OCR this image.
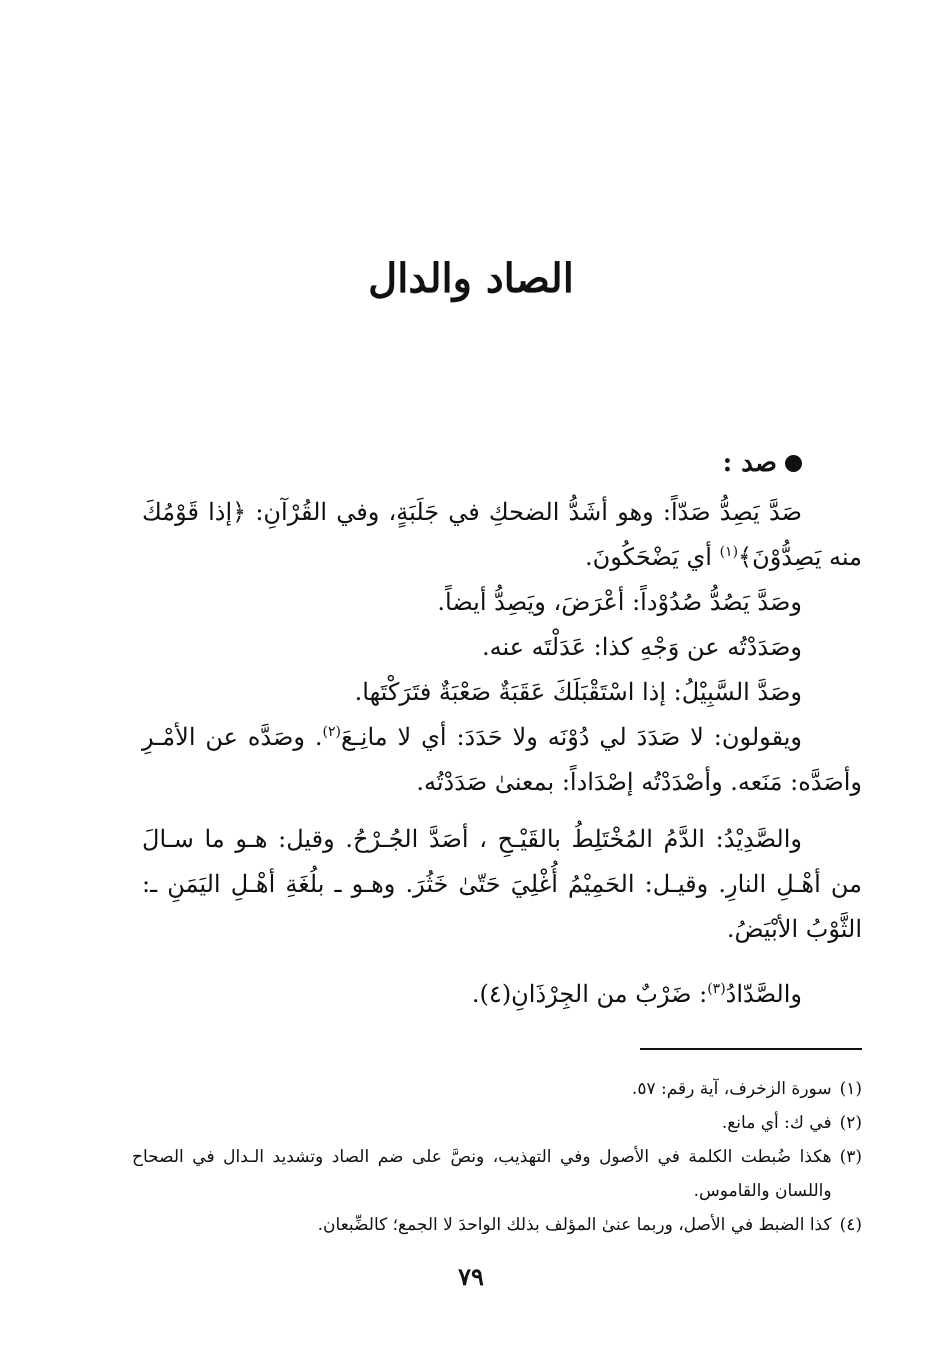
الصاد والدال
صد :

صَدَّ يَصِدُّ صَدّاً: وهو أشَدُّ الضحكِ في جَلَبَةٍ، وفي القُرْآنِ: ﴿إذا قَوْمُكَ منه يَصِدُّوْنَ﴾$^{(١)}$ أي يَضْحَكُونَ.

وصَدَّ يَصُدُّ صُدُوْداً: أعْرَضَ، ويَصِدُّ أيضاً.

وصَدَدْتُه عن وَجْهِ كذا: عَدَلْتَه عنه.

وصَدَّ السَّبِيْلُ: إذا اسْتَقْبَلَكَ عَقَبَةٌ صَعْبَةٌ فتَرَكْتَها.

ويقولون: لا صَدَدَ لي دُوْنَه ولا حَدَدَ: أي لا مانِـعَ$^{(٢)}$. وصَدَّه عن الأمْـرِ وأصَدَّه: مَنَعه. وأصْدَدْتُه إصْدَاداً: بمعنىٰ صَدَدْتُه.

والصَّدِيْدُ: الدَّمُ المُخْتَلِطُ بالقَيْـحِ ، أصَدَّ الجُـرْحُ. وقيل: هـو ما سـالَ من أهْـلِ النارِ. وقيـل: الحَمِيْمُ أُغْلِيَ حَتّىٰ خَثُرَ. وهـو ـ بلُغَةِ أهْـلِ اليَمَنِ ـ: الثَّوْبُ الأبْيَضُ.

والصَّدّادُ$^{(٣)}$: ضَرْبٌ من الجِرْذَانِ(٤).

(١)
سورة الزخرف، آية رقم: ٥٧.

(٢)
في ك: أي مانع.

(٣)
هكذا ضُبطت الكلمة في الأصول وفي التهذيب، ونصَّ على ضم الصاد وتشديد الـدال في الصحاح واللسان والقاموس.

(٤)
كذا الضبط في الأصل، وربما عنىٰ المؤلف بذلك الواحدَ لا الجمع؛ كالضِّبعان.

٧٩
